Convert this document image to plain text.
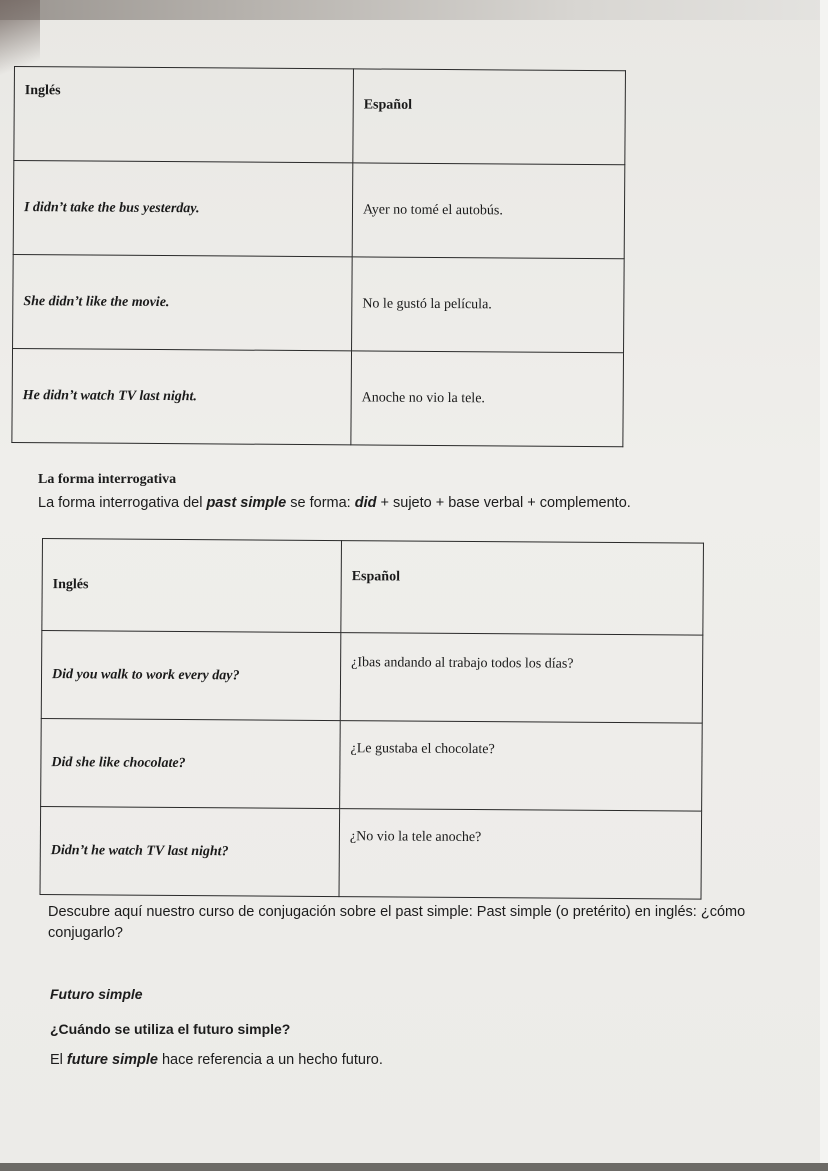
Inglés	Español
I didn’t take the bus yesterday.	Ayer no tomé el autobús.
She didn’t like the movie.	No le gustó la película.
He didn’t watch TV last night.	Anoche no vio la tele.
La forma interrogativa
La forma interrogativa del past simple se forma: did + sujeto + base verbal + complemento.
Inglés	Español
Did you walk to work every day?	¿Ibas andando al trabajo todos los días?
Did she like chocolate?	¿Le gustaba el chocolate?
Didn’t he watch TV last night?	¿No vio la tele anoche?
Descubre aquí nuestro curso de conjugación sobre el past simple: Past simple (o pretérito) en inglés: ¿cómo conjugarlo?
Futuro simple
¿Cuándo se utiliza el futuro simple?
El future simple hace referencia a un hecho futuro.
